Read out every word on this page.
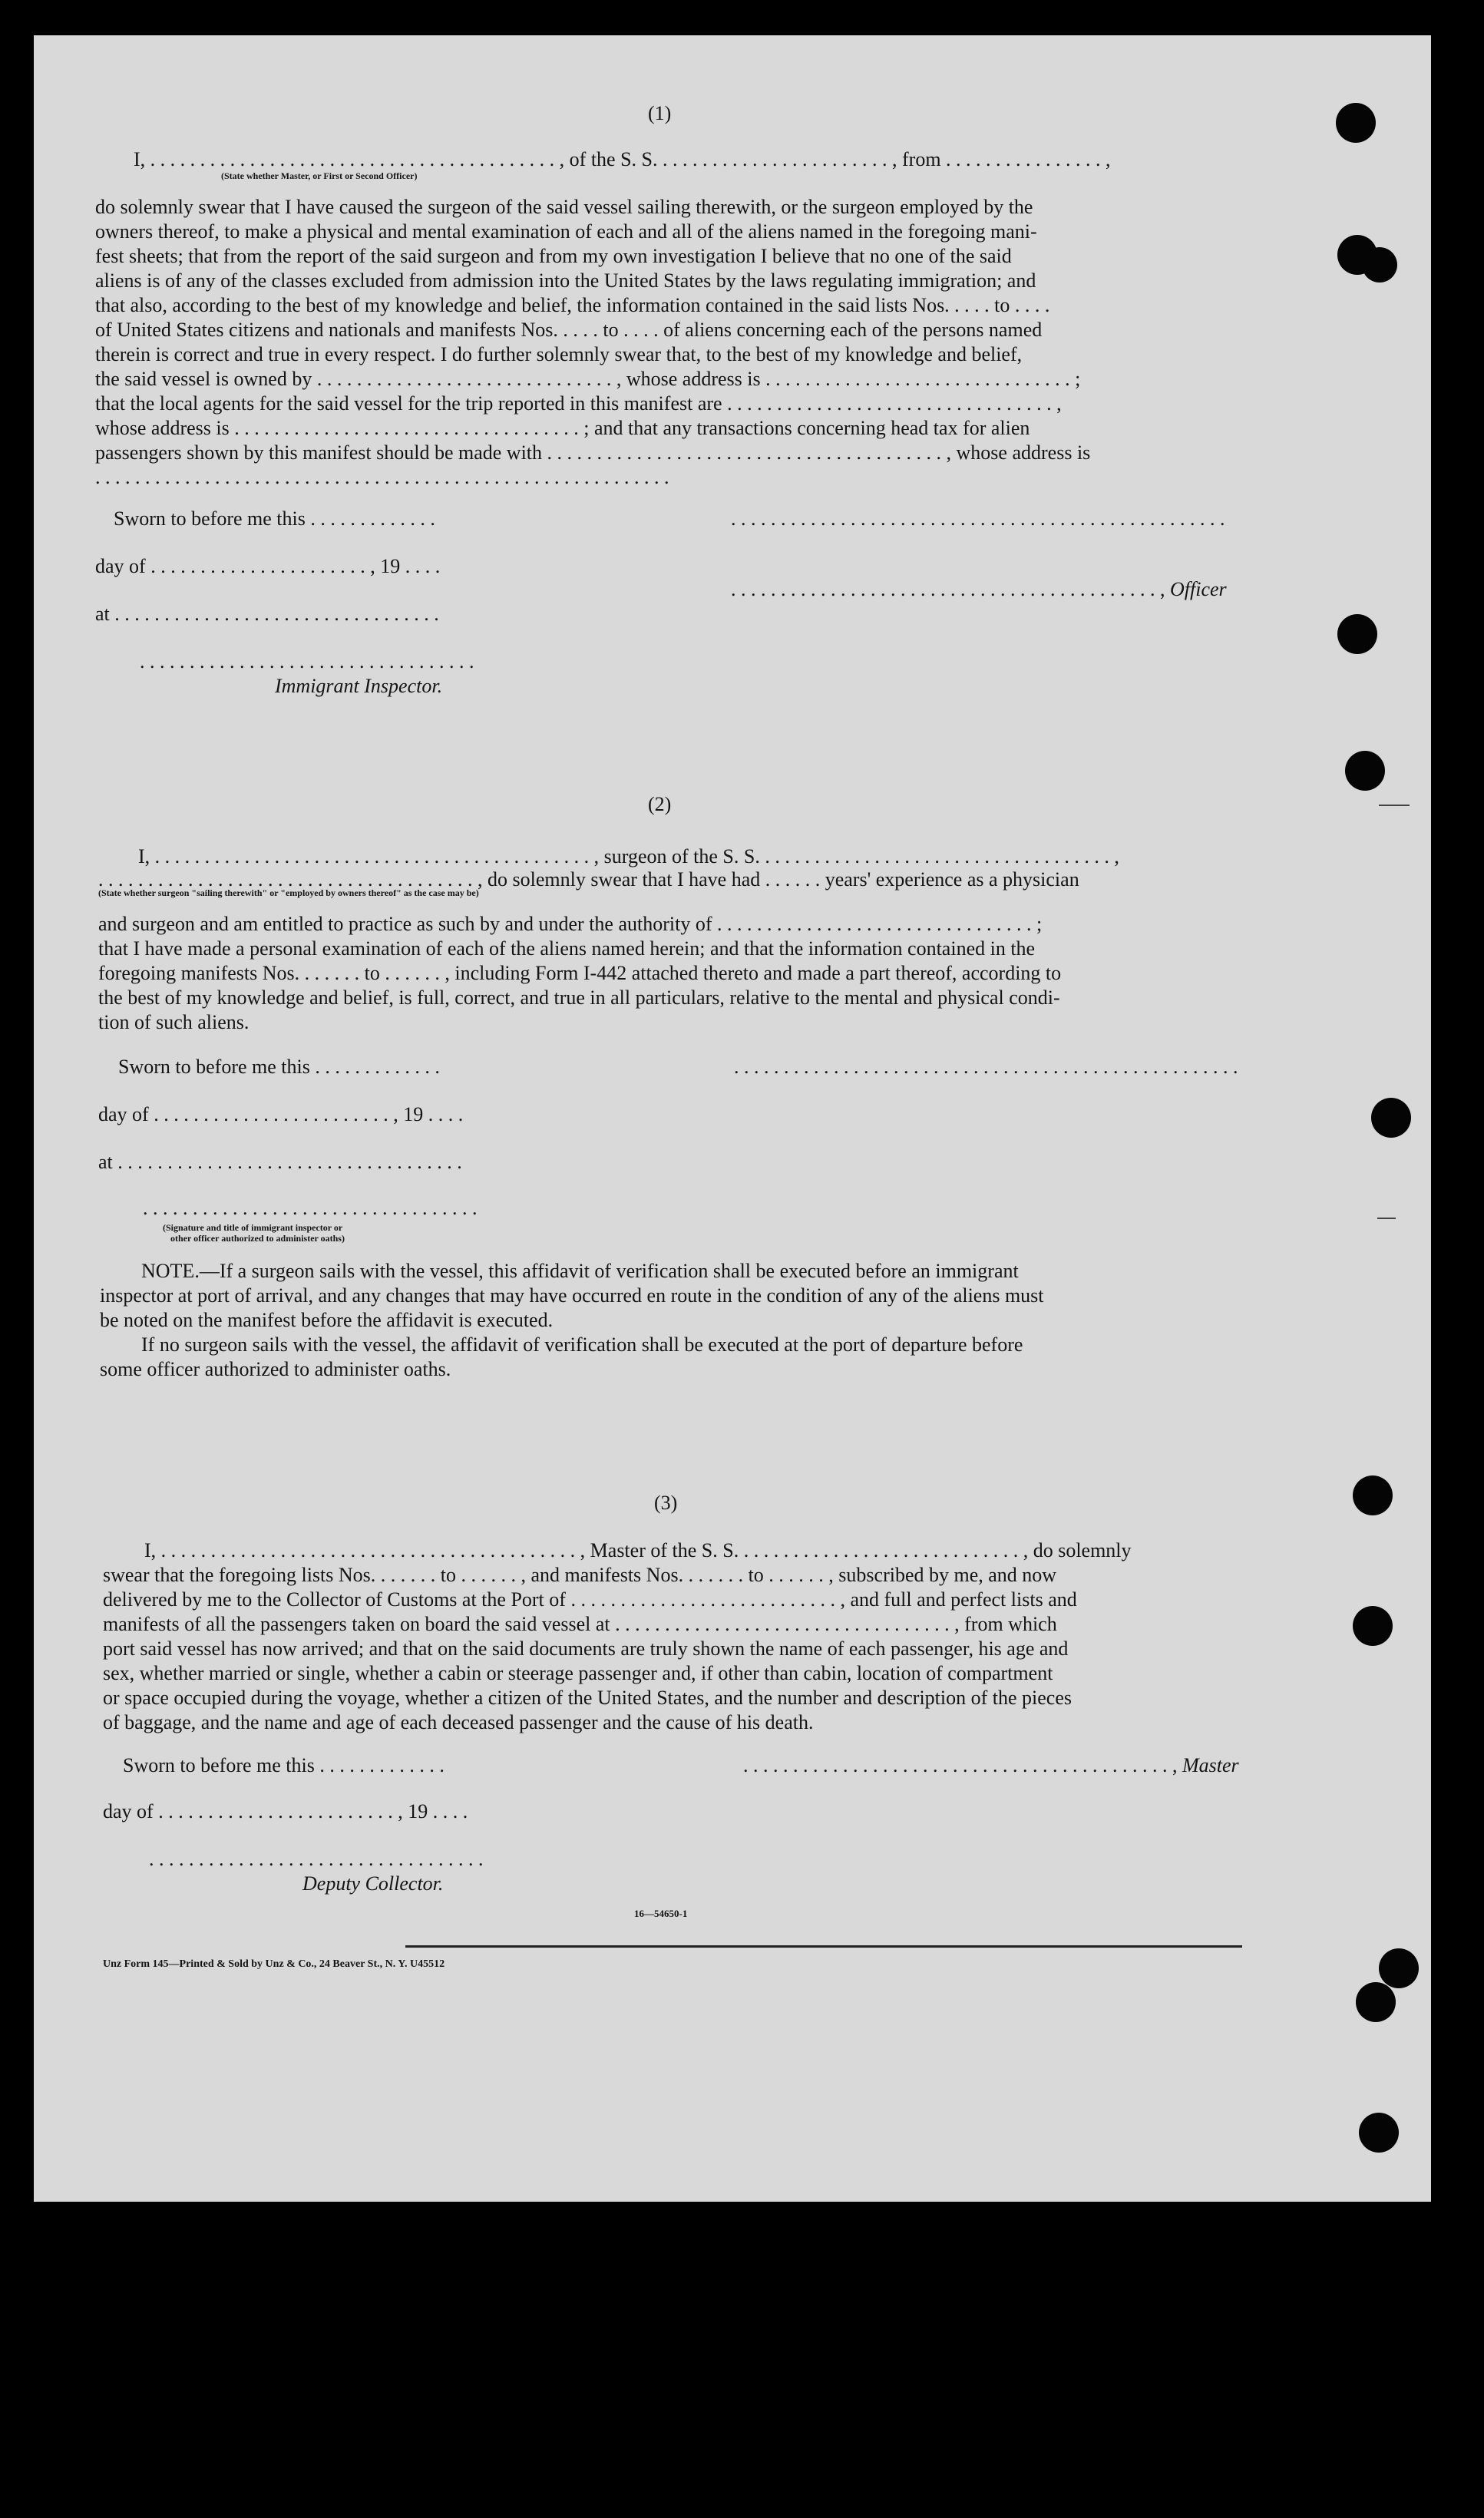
(1)
I, . . . . . . . . . . . . . . . . . . . . . . . . . . . . . . . . . . . . . . . . . , of the S. S. . . . . . . . . . . . . . . . . . . . . . . . , from . . . . . . . . . . . . . . . . ,
(State whether Master, or First or Second Officer)
do solemnly swear that I have caused the surgeon of the said vessel sailing therewith, or the surgeon employed by the
owners thereof, to make a physical and mental examination of each and all of the aliens named in the foregoing mani-
fest sheets; that from the report of the said surgeon and from my own investigation I believe that no one of the said
aliens is of any of the classes excluded from admission into the United States by the laws regulating immigration; and
that also, according to the best of my knowledge and belief, the information contained in the said lists Nos. . . . . to . . . .
of United States citizens and nationals and manifests Nos. . . . . to . . . . of aliens concerning each of the persons named
therein is correct and true in every respect. I do further solemnly swear that, to the best of my knowledge and belief,
the said vessel is owned by . . . . . . . . . . . . . . . . . . . . . . . . . . . . . . , whose address is . . . . . . . . . . . . . . . . . . . . . . . . . . . . . . . ;
that the local agents for the said vessel for the trip reported in this manifest are . . . . . . . . . . . . . . . . . . . . . . . . . . . . . . . . . ,
whose address is . . . . . . . . . . . . . . . . . . . . . . . . . . . . . . . . . . . ; and that any transactions concerning head tax for alien
passengers shown by this manifest should be made with . . . . . . . . . . . . . . . . . . . . . . . . . . . . . . . . . . . . . . . . , whose address is
. . . . . . . . . . . . . . . . . . . . . . . . . . . . . . . . . . . . . . . . . . . . . . . . . . . . . . . . . .
Sworn to before me this . . . . . . . . . . . . .	. . . . . . . . . . . . . . . . . . . . . . . . . . . . . . . . . . . . . . . . . . . . . . . . . .
day of . . . . . . . . . . . . . . . . . . . . . . , 19 . . . .
. . . . . . . . . . . . . . . . . . . . . . . . . . . . . . . . . . . . . . . . . . . , Officer
at . . . . . . . . . . . . . . . . . . . . . . . . . . . . . . . . .
. . . . . . . . . . . . . . . . . . . . . . . . . . . . . . . . . .
Immigrant Inspector.
(2)
I, . . . . . . . . . . . . . . . . . . . . . . . . . . . . . . . . . . . . . . . . . . . . , surgeon of the S. S. . . . . . . . . . . . . . . . . . . . . . . . . . . . . . . . . . . . ,
. . . . . . . . . . . . . . . . . . . . . . . . . . . . . . . . . . . . . . , do solemnly swear that I have had . . . . . . years' experience as a physician
(State whether surgeon "sailing therewith" or "employed by owners thereof" as the case may be)
and surgeon and am entitled to practice as such by and under the authority of . . . . . . . . . . . . . . . . . . . . . . . . . . . . . . . . ;
that I have made a personal examination of each of the aliens named herein; and that the information contained in the
foregoing manifests Nos. . . . . . . to . . . . . . , including Form I-442 attached thereto and made a part thereof, according to
the best of my knowledge and belief, is full, correct, and true in all particulars, relative to the mental and physical condi-
tion of such aliens.
Sworn to before me this . . . . . . . . . . . . .	. . . . . . . . . . . . . . . . . . . . . . . . . . . . . . . . . . . . . . . . . . . . . . . . . . .
day of . . . . . . . . . . . . . . . . . . . . . . . . , 19 . . . .
at . . . . . . . . . . . . . . . . . . . . . . . . . . . . . . . . . . .
. . . . . . . . . . . . . . . . . . . . . . . . . . . . . . . . . .
(Signature and title of immigrant inspector or
other officer authorized to administer oaths)
NOTE.—If a surgeon sails with the vessel, this affidavit of verification shall be executed before an immigrant
inspector at port of arrival, and any changes that may have occurred en route in the condition of any of the aliens must
be noted on the manifest before the affidavit is executed.
If no surgeon sails with the vessel, the affidavit of verification shall be executed at the port of departure before
some officer authorized to administer oaths.
(3)
I, . . . . . . . . . . . . . . . . . . . . . . . . . . . . . . . . . . . . . . . . . . , Master of the S. S. . . . . . . . . . . . . . . . . . . . . . . . . . . . . , do solemnly
swear that the foregoing lists Nos. . . . . . . to . . . . . . , and manifests Nos. . . . . . . to . . . . . . , subscribed by me, and now
delivered by me to the Collector of Customs at the Port of . . . . . . . . . . . . . . . . . . . . . . . . . . . , and full and perfect lists and
manifests of all the passengers taken on board the said vessel at . . . . . . . . . . . . . . . . . . . . . . . . . . . . . . . . . . , from which
port said vessel has now arrived; and that on the said documents are truly shown the name of each passenger, his age and
sex, whether married or single, whether a cabin or steerage passenger and, if other than cabin, location of compartment
or space occupied during the voyage, whether a citizen of the United States, and the number and description of the pieces
of baggage, and the name and age of each deceased passenger and the cause of his death.
Sworn to before me this . . . . . . . . . . . . .	. . . . . . . . . . . . . . . . . . . . . . . . . . . . . . . . . . . . . . . . . . . , Master
day of . . . . . . . . . . . . . . . . . . . . . . . . , 19 . . . .
. . . . . . . . . . . . . . . . . . . . . . . . . . . . . . . . . .
Deputy Collector.
16—54650-1
Unz Form 145—Printed & Sold by Unz & Co., 24 Beaver St., N. Y. U45512
